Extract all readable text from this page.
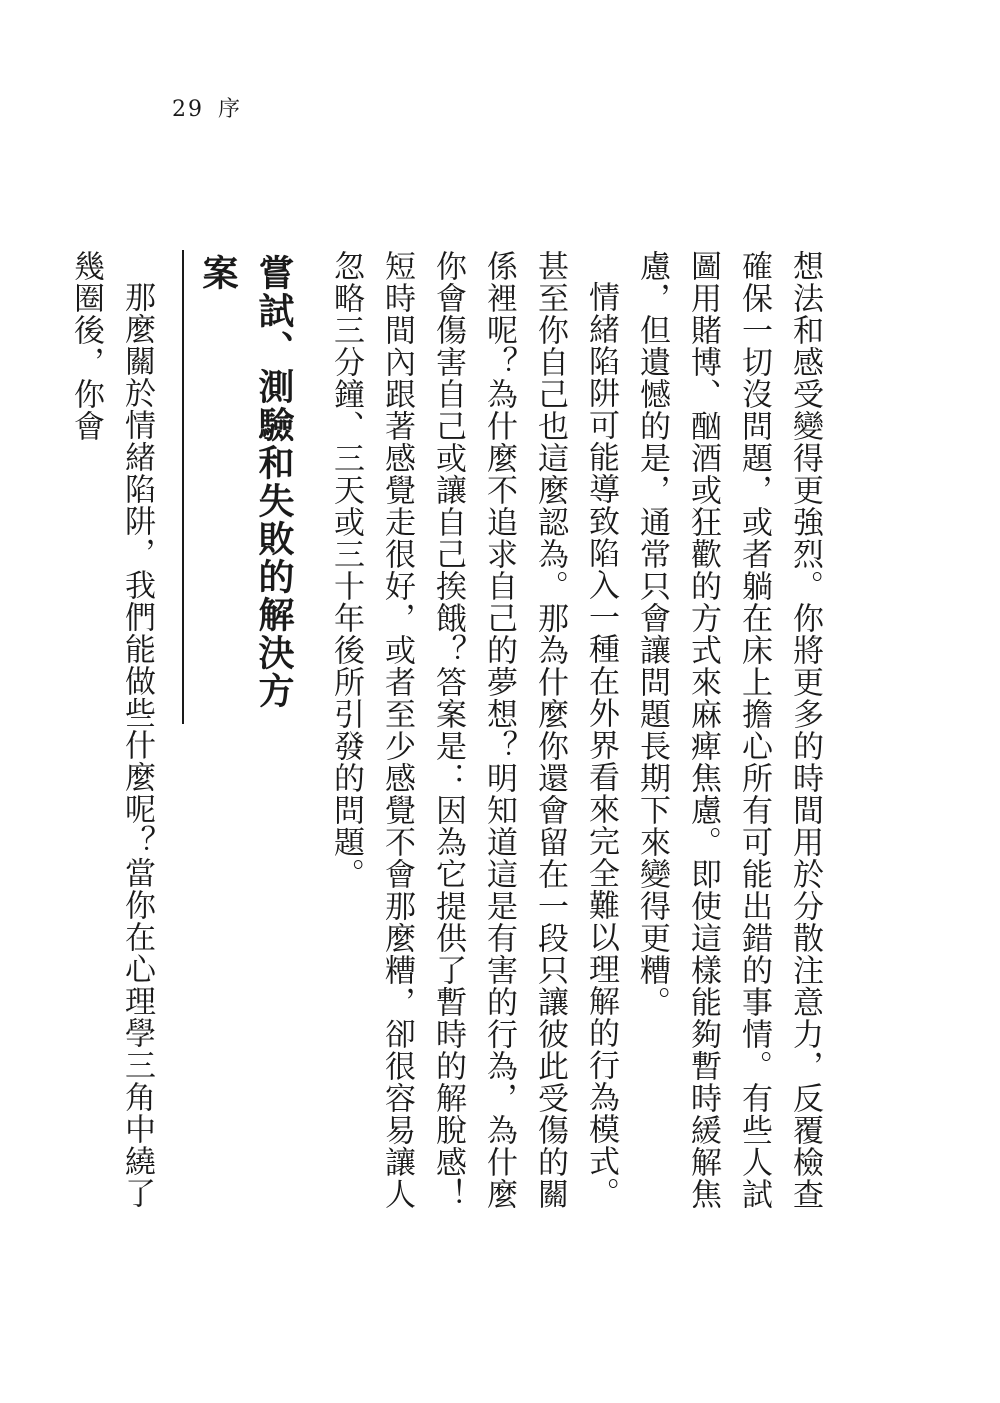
29 序

想法和感受變得更強烈。你將更多的時間用於分散注意力，反覆檢查確保一切沒問題，或者躺在床上擔心所有可能出錯的事情。有些人試圖用賭博、酗酒或狂歡的方式來麻痺焦慮。即使這樣能夠暫時緩解焦慮，但遺憾的是，通常只會讓問題長期下來變得更糟。

情緒陷阱可能導致陷入一種在外界看來完全難以理解的行為模式。甚至你自己也這麼認為。那為什麼你還會留在一段只讓彼此受傷的關係裡呢？為什麼不追求自己的夢想？明知道這是有害的行為，為什麼你會傷害自己或讓自己挨餓？答案是：因為它提供了暫時的解脫感！短時間內跟著感覺走很好，或者至少感覺不會那麼糟，卻很容易讓人忽略三分鐘、三天或三十年後所引發的問題。

嘗試、測驗和失敗的解決方案

那麼關於情緒陷阱，我們能做些什麼呢？當你在心理學三角中繞了幾圈後，你會
